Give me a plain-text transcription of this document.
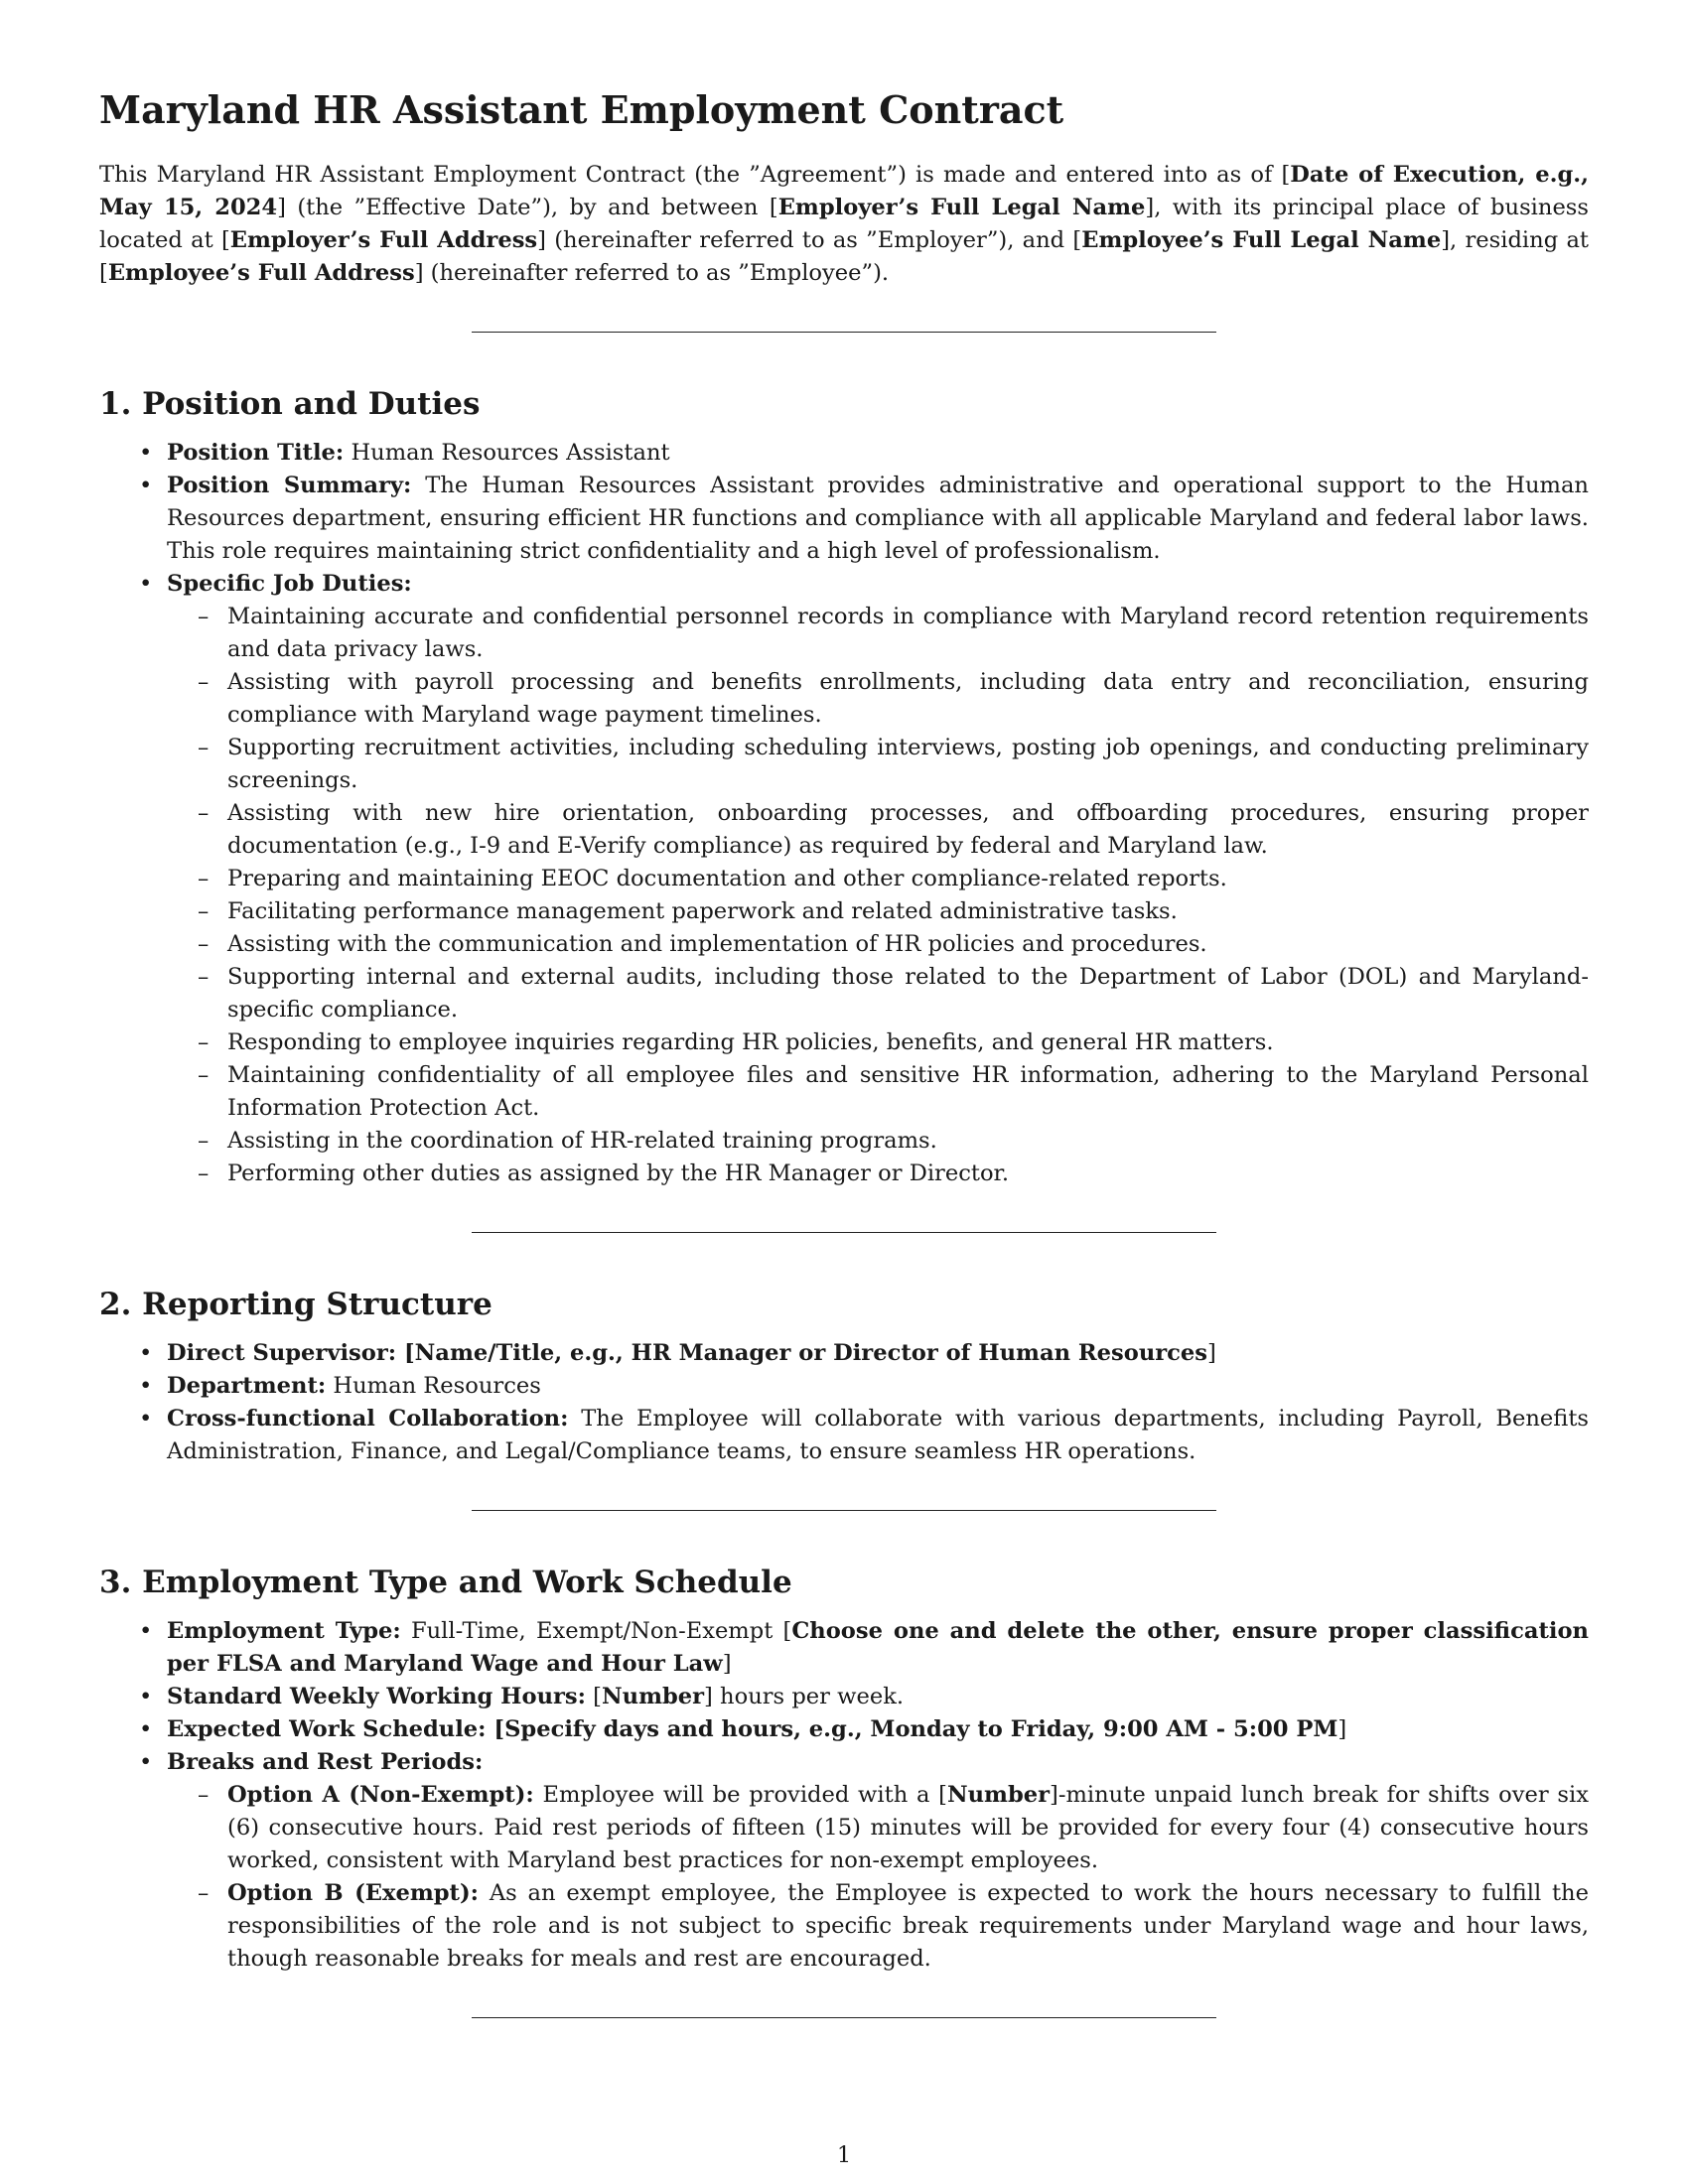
Maryland HR Assistant Employment Contract

This Maryland HR Assistant Employment Contract (the ”Agreement”) is made and entered into as of [Date of Execution, e.g., May 15, 2024] (the ”Effective Date”), by and between [Employer’s Full Legal Name], with its principal place of business located at [Employer’s Full Address] (hereinafter referred to as ”Employer”), and [Employee’s Full Legal Name], residing at [Employee’s Full Address] (hereinafter referred to as ”Employee”).

1. Position and Duties
• Position Title: Human Resources Assistant
• Position Summary: The Human Resources Assistant provides administrative and operational support to the Human Resources department, ensuring efficient HR functions and compliance with all applicable Maryland and federal labor laws. This role requires maintaining strict confidentiality and a high level of professionalism.
• Specific Job Duties:
– Maintaining accurate and confidential personnel records in compliance with Maryland record retention requirements and data privacy laws.
– Assisting with payroll processing and benefits enrollments, including data entry and reconciliation, ensuring compliance with Maryland wage payment timelines.
– Supporting recruitment activities, including scheduling interviews, posting job openings, and conducting preliminary screenings.
– Assisting with new hire orientation, onboarding processes, and offboarding procedures, ensuring proper documentation (e.g., I-9 and E-Verify compliance) as required by federal and Maryland law.
– Preparing and maintaining EEOC documentation and other compliance-related reports.
– Facilitating performance management paperwork and related administrative tasks.
– Assisting with the communication and implementation of HR policies and procedures.
– Supporting internal and external audits, including those related to the Department of Labor (DOL) and Maryland-specific compliance.
– Responding to employee inquiries regarding HR policies, benefits, and general HR matters.
– Maintaining confidentiality of all employee files and sensitive HR information, adhering to the Maryland Personal Information Protection Act.
– Assisting in the coordination of HR-related training programs.
– Performing other duties as assigned by the HR Manager or Director.
2. Reporting Structure
• Direct Supervisor: [Name/Title, e.g., HR Manager or Director of Human Resources]
• Department: Human Resources
• Cross-functional Collaboration: The Employee will collaborate with various departments, including Payroll, Benefits Administration, Finance, and Legal/Compliance teams, to ensure seamless HR operations.
3. Employment Type and Work Schedule
• Employment Type: Full-Time, Exempt/Non-Exempt [Choose one and delete the other, ensure proper classification per FLSA and Maryland Wage and Hour Law]
• Standard Weekly Working Hours: [Number] hours per week.
• Expected Work Schedule: [Specify days and hours, e.g., Monday to Friday, 9:00 AM - 5:00 PM]
• Breaks and Rest Periods:
– Option A (Non-Exempt): Employee will be provided with a [Number]-minute unpaid lunch break for shifts over six (6) consecutive hours. Paid rest periods of fifteen (15) minutes will be provided for every four (4) consecutive hours worked, consistent with Maryland best practices for non-exempt employees.
– Option B (Exempt): As an exempt employee, the Employee is expected to work the hours necessary to fulfill the responsibilities of the role and is not subject to specific break requirements under Maryland wage and hour laws, though reasonable breaks for meals and rest are encouraged.
1
